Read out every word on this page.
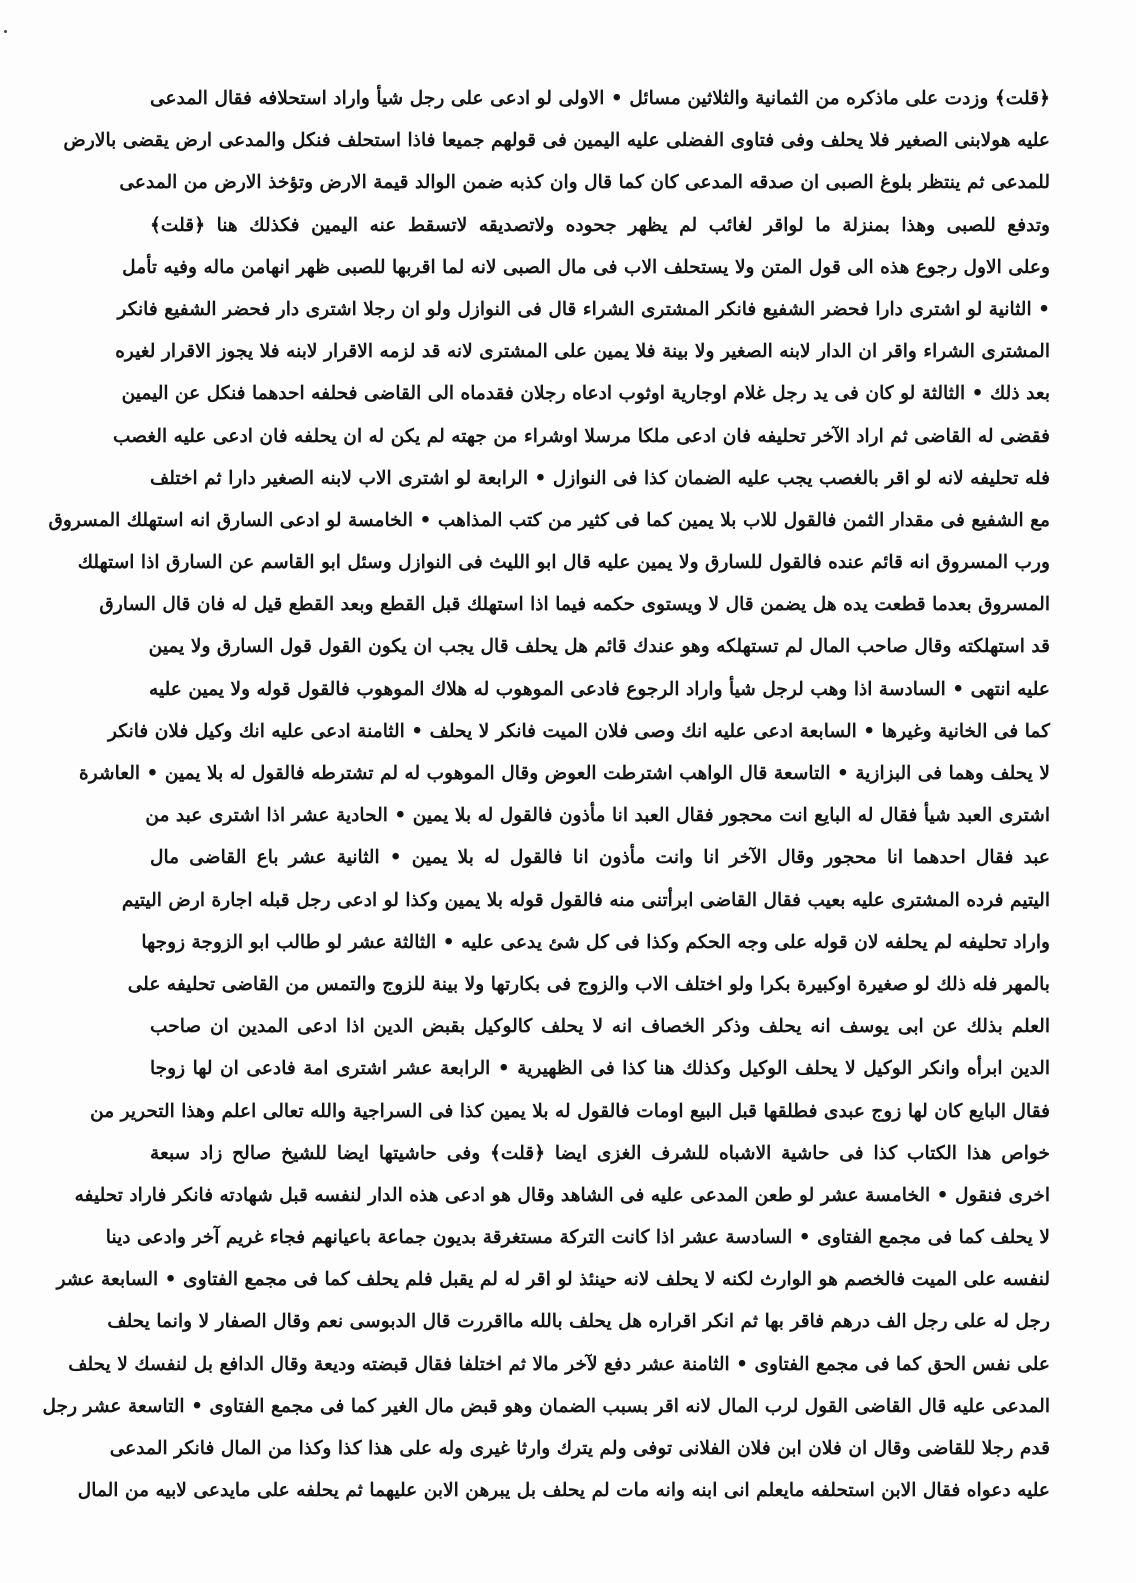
﴿قلت﴾ وزدت على ماذكره من الثمانية والثلاثين مسائل • الاولى لو ادعى على رجل شيأ واراد استحلافه فقال المدعى
عليه هولابنى الصغير فلا يحلف وفى فتاوى الفضلى عليه اليمين فى قولهم جميعا فاذا استحلف فنكل والمدعى ارض يقضى بالارض
للمدعى ثم ينتظر بلوغ الصبى ان صدقه المدعى كان كما قال وان كذبه ضمن الوالد قيمة الارض وتؤخذ الارض من المدعى
وتدفع للصبى وهذا بمنزلة ما لواقر لغائب لم يظهر جحوده ولاتصديقه لاتسقط عنه اليمين فكذلك هنا ﴿قلت﴾
وعلى الاول رجوع هذه الى قول المتن ولا يستحلف الاب فى مال الصبى لانه لما اقربها للصبى ظهر انهامن ماله وفيه تأمل
• الثانية لو اشترى دارا فحضر الشفيع فانكر المشترى الشراء قال فى النوازل ولو ان رجلا اشترى دار فحضر الشفيع فانكر
المشترى الشراء واقر ان الدار لابنه الصغير ولا بينة فلا يمين على المشترى لانه قد لزمه الاقرار لابنه فلا يجوز الاقرار لغيره
بعد ذلك • الثالثة لو كان فى يد رجل غلام اوجارية اوثوب ادعاه رجلان فقدماه الى القاضى فحلفه احدهما فنكل عن اليمين
فقضى له القاضى ثم اراد الآخر تحليفه فان ادعى ملكا مرسلا اوشراء من جهته لم يكن له ان يحلفه فان ادعى عليه الغصب
فله تحليفه لانه لو اقر بالغصب يجب عليه الضمان كذا فى النوازل • الرابعة لو اشترى الاب لابنه الصغير دارا ثم اختلف
مع الشفيع فى مقدار الثمن فالقول للاب بلا يمين كما فى كثير من كتب المذاهب • الخامسة لو ادعى السارق انه استهلك المسروق
ورب المسروق انه قائم عنده فالقول للسارق ولا يمين عليه قال ابو الليث فى النوازل وسئل ابو القاسم عن السارق اذا استهلك
المسروق بعدما قطعت يده هل يضمن قال لا ويستوى حكمه فيما اذا استهلك قبل القطع وبعد القطع قيل له فان قال السارق
قد استهلكته وقال صاحب المال لم تستهلكه وهو عندك قائم هل يحلف قال يجب ان يكون القول قول السارق ولا يمين
عليه انتهى • السادسة اذا وهب لرجل شيأ واراد الرجوع فادعى الموهوب له هلاك الموهوب فالقول قوله ولا يمين عليه
كما فى الخانية وغيرها • السابعة ادعى عليه انك وصى فلان الميت فانكر لا يحلف • الثامنة ادعى عليه انك وكيل فلان فانكر
لا يحلف وهما فى البزازية • التاسعة قال الواهب اشترطت العوض وقال الموهوب له لم تشترطه فالقول له بلا يمين • العاشرة
اشترى العبد شيأ فقال له البايع انت محجور فقال العبد انا مأذون فالقول له بلا يمين • الحادية عشر اذا اشترى عبد من
عبد فقال احدهما انا محجور وقال الآخر انا وانت مأذون انا فالقول له بلا يمين • الثانية عشر باع القاضى مال
اليتيم فرده المشترى عليه بعيب فقال القاضى ابرأتنى منه فالقول قوله بلا يمين وكذا لو ادعى رجل قبله اجارة ارض اليتيم
واراد تحليفه لم يحلفه لان قوله على وجه الحكم وكذا فى كل شئ يدعى عليه • الثالثة عشر لو طالب ابو الزوجة زوجها
بالمهر فله ذلك لو صغيرة اوكبيرة بكرا ولو اختلف الاب والزوج فى بكارتها ولا بينة للزوج والتمس من القاضى تحليفه على
العلم بذلك عن ابى يوسف انه يحلف وذكر الخصاف انه لا يحلف كالوكيل بقبض الدين اذا ادعى المدين ان صاحب
الدين ابرأه وانكر الوكيل لا يحلف الوكيل وكذلك هنا كذا فى الظهيرية • الرابعة عشر اشترى امة فادعى ان لها زوجا
فقال البايع كان لها زوج عبدى فطلقها قبل البيع اومات فالقول له بلا يمين كذا فى السراجية والله تعالى اعلم وهذا التحرير من
خواص هذا الكتاب كذا فى حاشية الاشباه للشرف الغزى ايضا ﴿قلت﴾ وفى حاشيتها ايضا للشيخ صالح زاد سبعة
اخرى فنقول • الخامسة عشر لو طعن المدعى عليه فى الشاهد وقال هو ادعى هذه الدار لنفسه قبل شهادته فانكر فاراد تحليفه
لا يحلف كما فى مجمع الفتاوى • السادسة عشر اذا كانت التركة مستغرقة بديون جماعة باعيانهم فجاء غريم آخر وادعى دينا
لنفسه على الميت فالخصم هو الوارث لكنه لا يحلف لانه حينئذ لو اقر له لم يقبل فلم يحلف كما فى مجمع الفتاوى • السابعة عشر
رجل له على رجل الف درهم فاقر بها ثم انكر اقراره هل يحلف بالله مااقررت قال الدبوسى نعم وقال الصفار لا وانما يحلف
على نفس الحق كما فى مجمع الفتاوى • الثامنة عشر دفع لآخر مالا ثم اختلفا فقال قبضته وديعة وقال الدافع بل لنفسك لا يحلف
المدعى عليه قال القاضى القول لرب المال لانه اقر بسبب الضمان وهو قبض مال الغير كما فى مجمع الفتاوى • التاسعة عشر رجل
قدم رجلا للقاضى وقال ان فلان ابن فلان الفلانى توفى ولم يترك وارثا غيرى وله على هذا كذا وكذا من المال فانكر المدعى
عليه دعواه فقال الابن استحلفه مايعلم انى ابنه وانه مات لم يحلف بل يبرهن الابن عليهما ثم يحلفه على مايدعى لابيه من المال
